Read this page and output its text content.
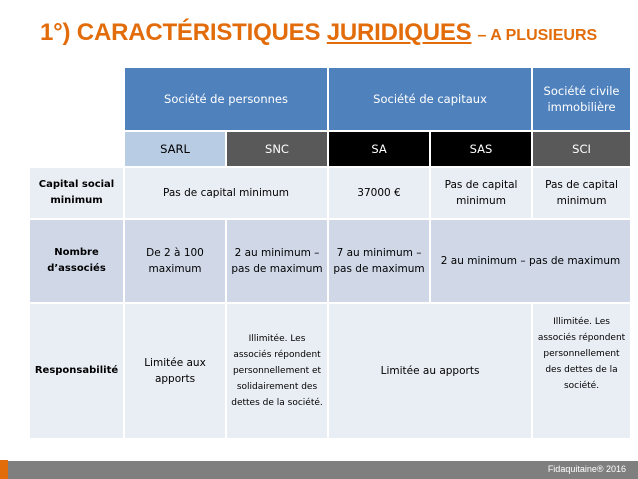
1°) CARACTÉRISTIQUES JURIDIQUES – A PLUSIEURS
	Société de personnes		Société de capitaux		Société civile immobilière
	SARL	SNC	SA	SAS	SCI
Capital social minimum	Pas de capital minimum		37000 €	Pas de capital minimum	Pas de capital minimum
Nombre d’associés	De 2 à 100 maximum	2 au minimum – pas de maximum	7 au minimum – pas de maximum	2 au minimum – pas de maximum	
Responsabilité	Limitée aux apports	Illimitée. Les associés répondent personnellement et solidairement des dettes de la société.	Limitée au apports		Illimitée. Les associés répondent personnellement des dettes de la société.
Fidaquitaine® 2016
